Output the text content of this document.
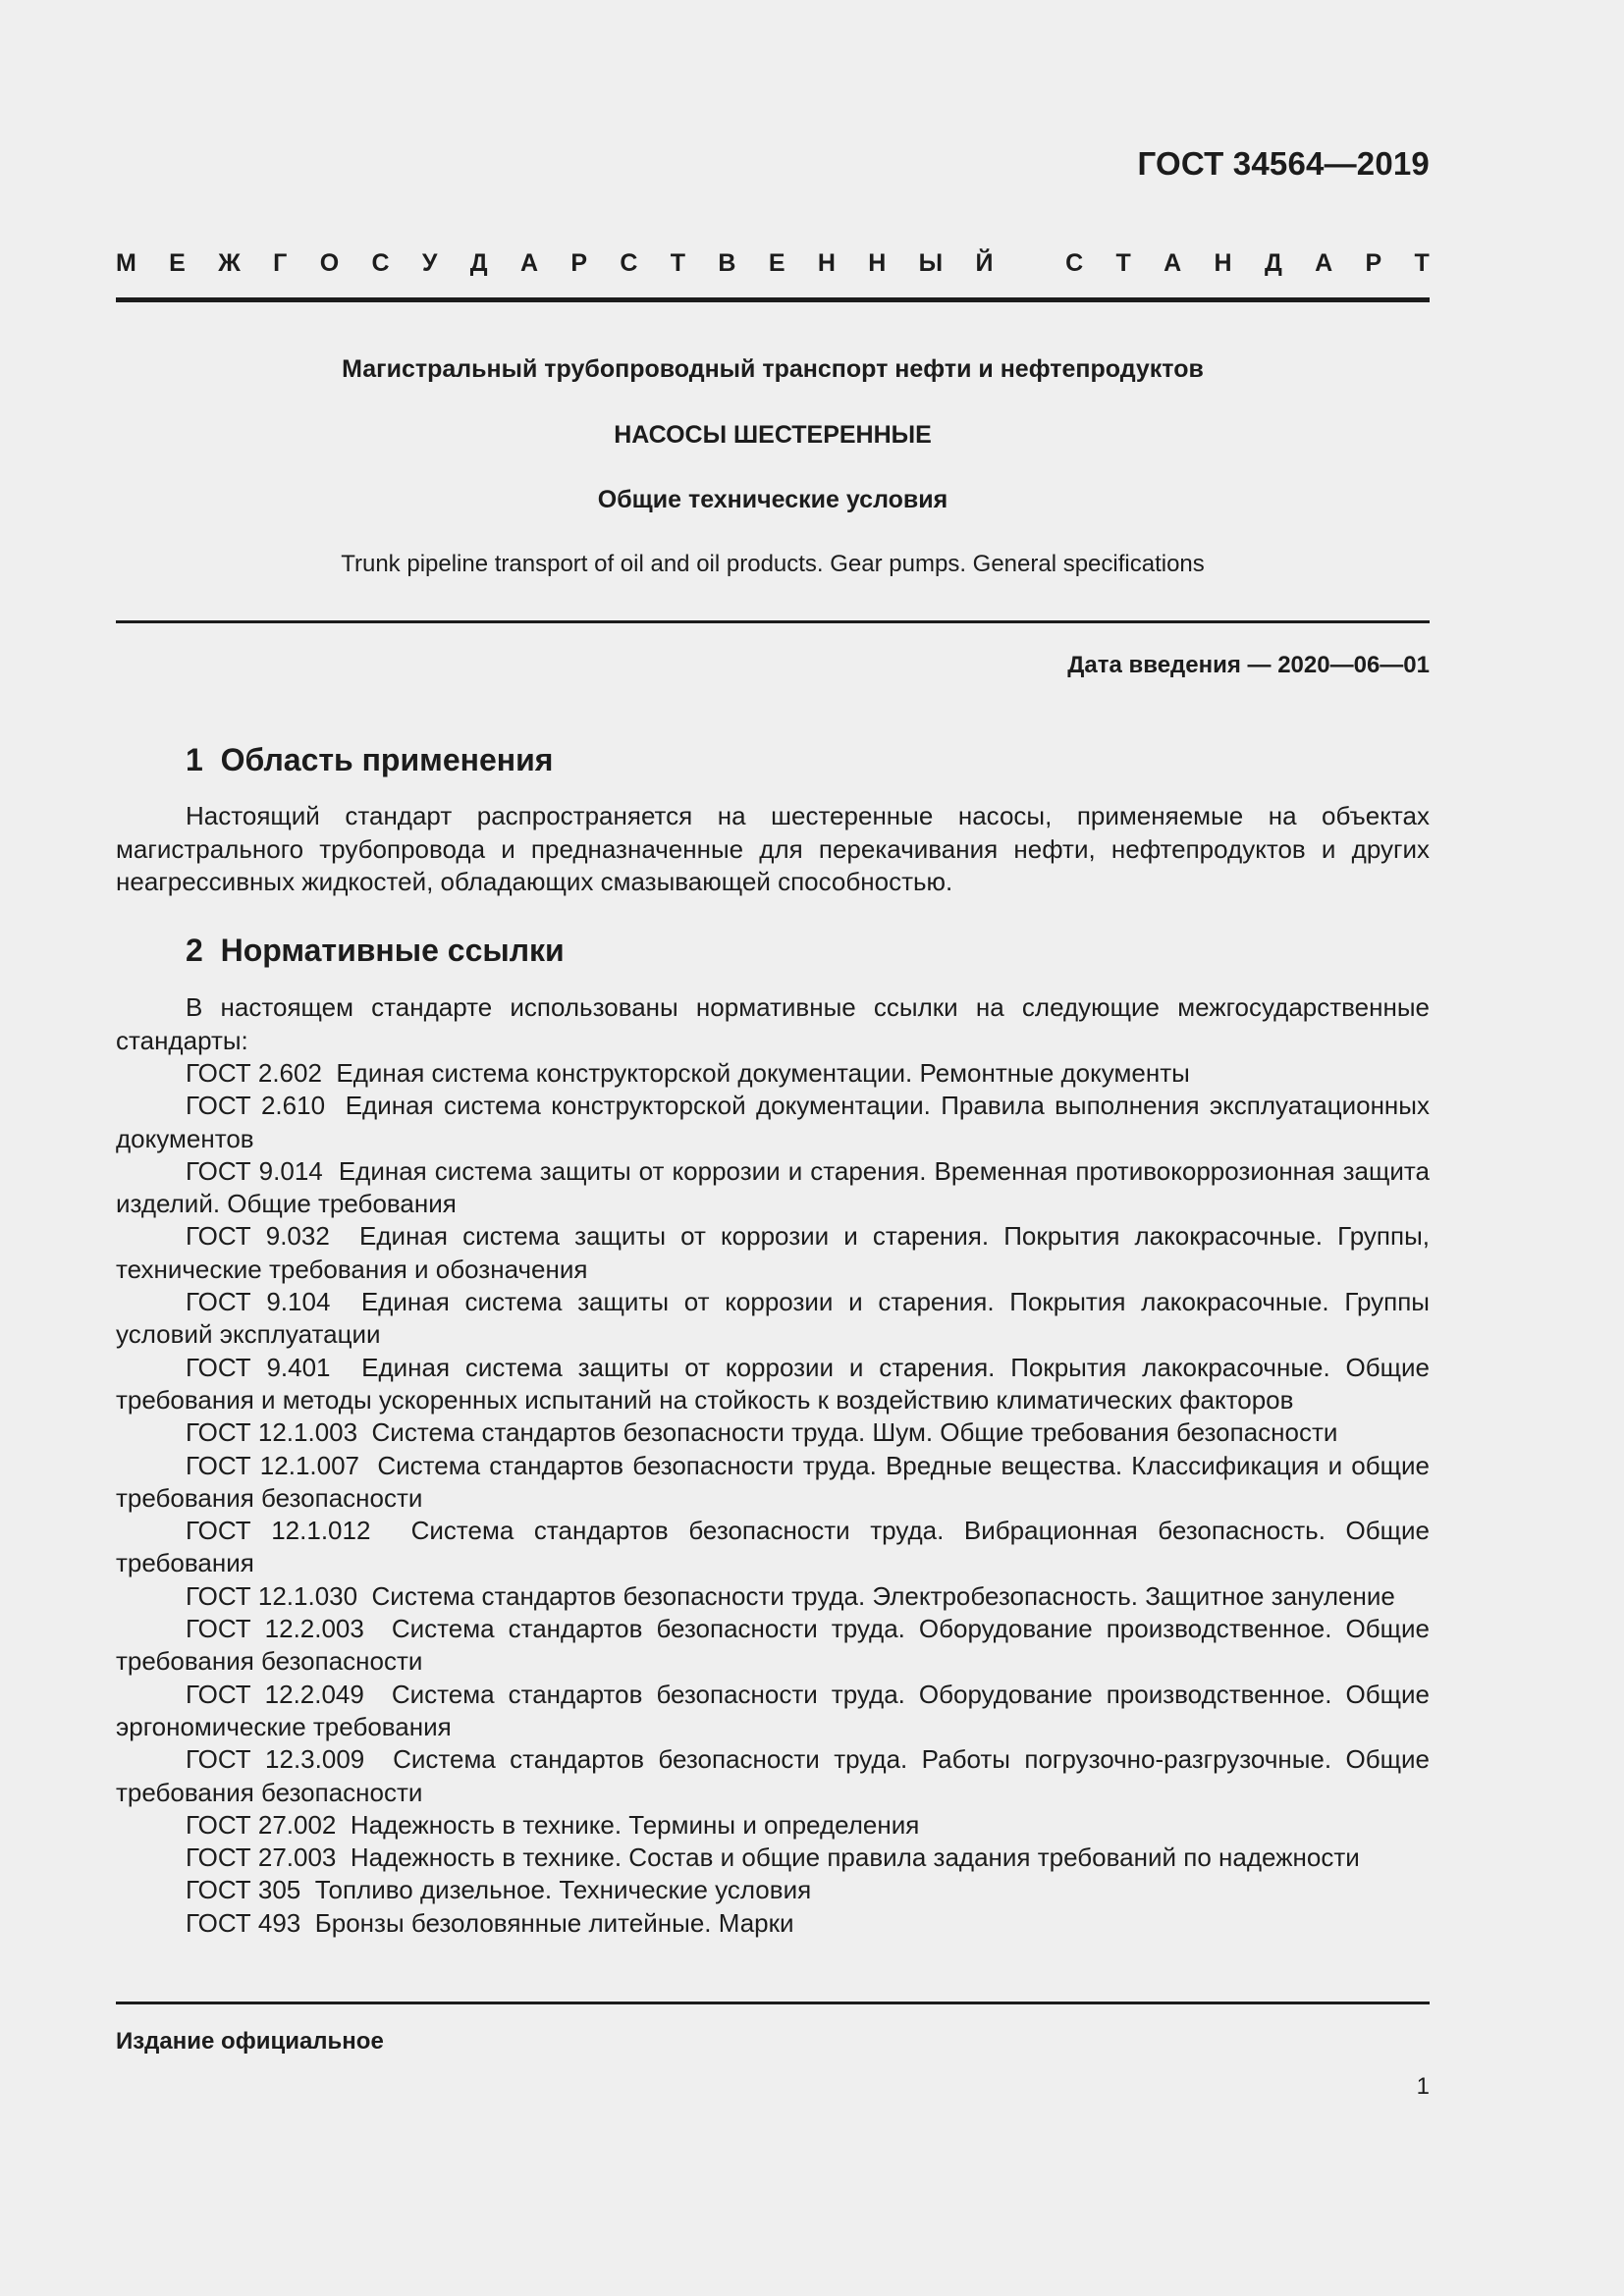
ГОСТ 34564—2019
М Е Ж Г О С У Д А Р С Т В Е Н Н Ы Й
	С Т А Н Д А Р Т
Магистральный трубопроводный транспорт нефти и нефтепродуктов
НАСОСЫ ШЕСТЕРЕННЫЕ
Общие технические условия
Trunk pipeline transport of oil and oil products. Gear pumps. General specifications
Дата введения — 2020—06—01
1  Область применения

Настоящий стандарт распространяется на шестеренные насосы, применяемые на объектах магистрального трубопровода и предназначенные для перекачивания нефти, нефтепродуктов и других неагрессивных жидкостей, обладающих смазывающей способностью.

2  Нормативные ссылки

В настоящем стандарте использованы нормативные ссылки на следующие межгосударственные стандарты:

ГОСТ 2.602 Единая система конструкторской документации. Ремонтные документы

ГОСТ 2.610 Единая система конструкторской документации. Правила выполнения эксплуатационных документов

ГОСТ 9.014 Единая система защиты от коррозии и старения. Временная противокоррозионная защита изделий. Общие требования

ГОСТ 9.032 Единая система защиты от коррозии и старения. Покрытия лакокрасочные. Группы, технические требования и обозначения

ГОСТ 9.104 Единая система защиты от коррозии и старения. Покрытия лакокрасочные. Группы условий эксплуатации

ГОСТ 9.401 Единая система защиты от коррозии и старения. Покрытия лакокрасочные. Общие требования и методы ускоренных испытаний на стойкость к воздействию климатических факторов

ГОСТ 12.1.003 Система стандартов безопасности труда. Шум. Общие требования безопасности

ГОСТ 12.1.007 Система стандартов безопасности труда. Вредные вещества. Классификация и общие требования безопасности

ГОСТ 12.1.012 Система стандартов безопасности труда. Вибрационная безопасность. Общие требования

ГОСТ 12.1.030 Система стандартов безопасности труда. Электробезопасность. Защитное зануление

ГОСТ 12.2.003 Система стандартов безопасности труда. Оборудование производственное. Общие требования безопасности

ГОСТ 12.2.049 Система стандартов безопасности труда. Оборудование производственное. Общие эргономические требования

ГОСТ 12.3.009 Система стандартов безопасности труда. Работы погрузочно-разгрузочные. Общие требования безопасности

ГОСТ 27.002 Надежность в технике. Термины и определения

ГОСТ 27.003 Надежность в технике. Состав и общие правила задания требований по надежности

ГОСТ 305 Топливо дизельное. Технические условия

ГОСТ 493 Бронзы безоловянные литейные. Марки

Издание официальное
1
